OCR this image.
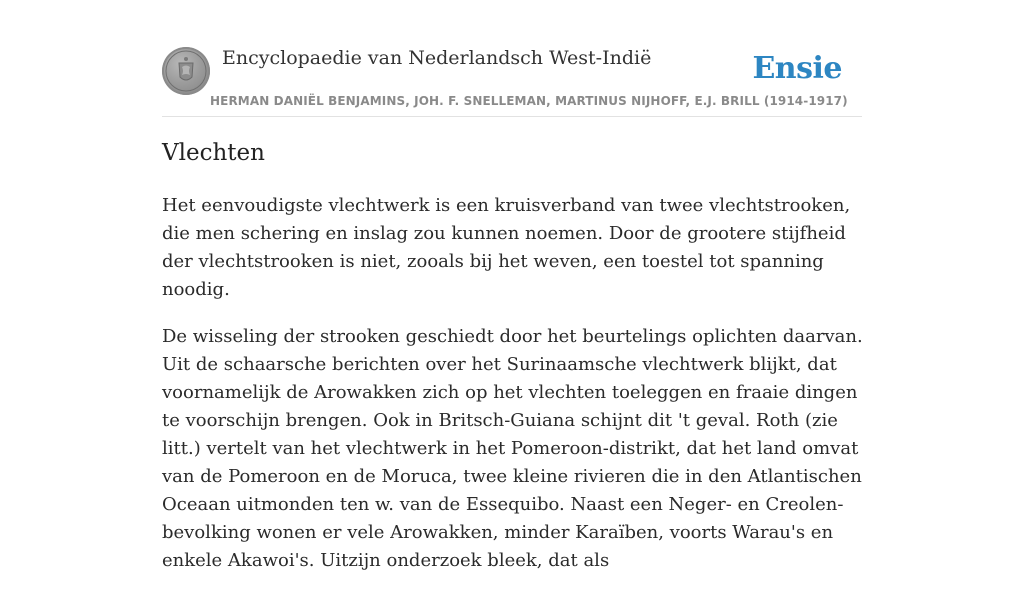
Encyclopaedie van Nederlandsch West-Indië	Ensie
HERMAN DANIËL BENJAMINS, JOH. F. SNELLEMAN, MARTINUS NIJHOFF, E.J. BRILL (1914-1917)
Vlechten

Het eenvoudigste vlechtwerk is een kruisverband van twee vlechtstrooken, die men schering en inslag zou kunnen noemen. Door de grootere stijfheid der vlechtstrooken is niet, zooals bij het weven, een toestel tot spanning noodig.

De wisseling der strooken geschiedt door het beurtelings oplichten daarvan. Uit de schaarsche berichten over het Surinaamsche vlechtwerk blijkt, dat voornamelijk de Arowakken zich op het vlechten toeleggen en fraaie dingen te voorschijn brengen. Ook in Britsch-Guiana schijnt dit 't geval. Roth (zie litt.) vertelt van het vlechtwerk in het Pomeroon-distrikt, dat het land omvat van de Pomeroon en de Moruca, twee kleine rivieren die in den Atlantischen Oceaan uitmonden ten w. van de Essequibo. Naast een Neger- en Creolen-bevolking wonen er vele Arowakken, minder Karaïben, voorts Warau's en enkele Akawoi's. Uitzijn onderzoek bleek, dat als
